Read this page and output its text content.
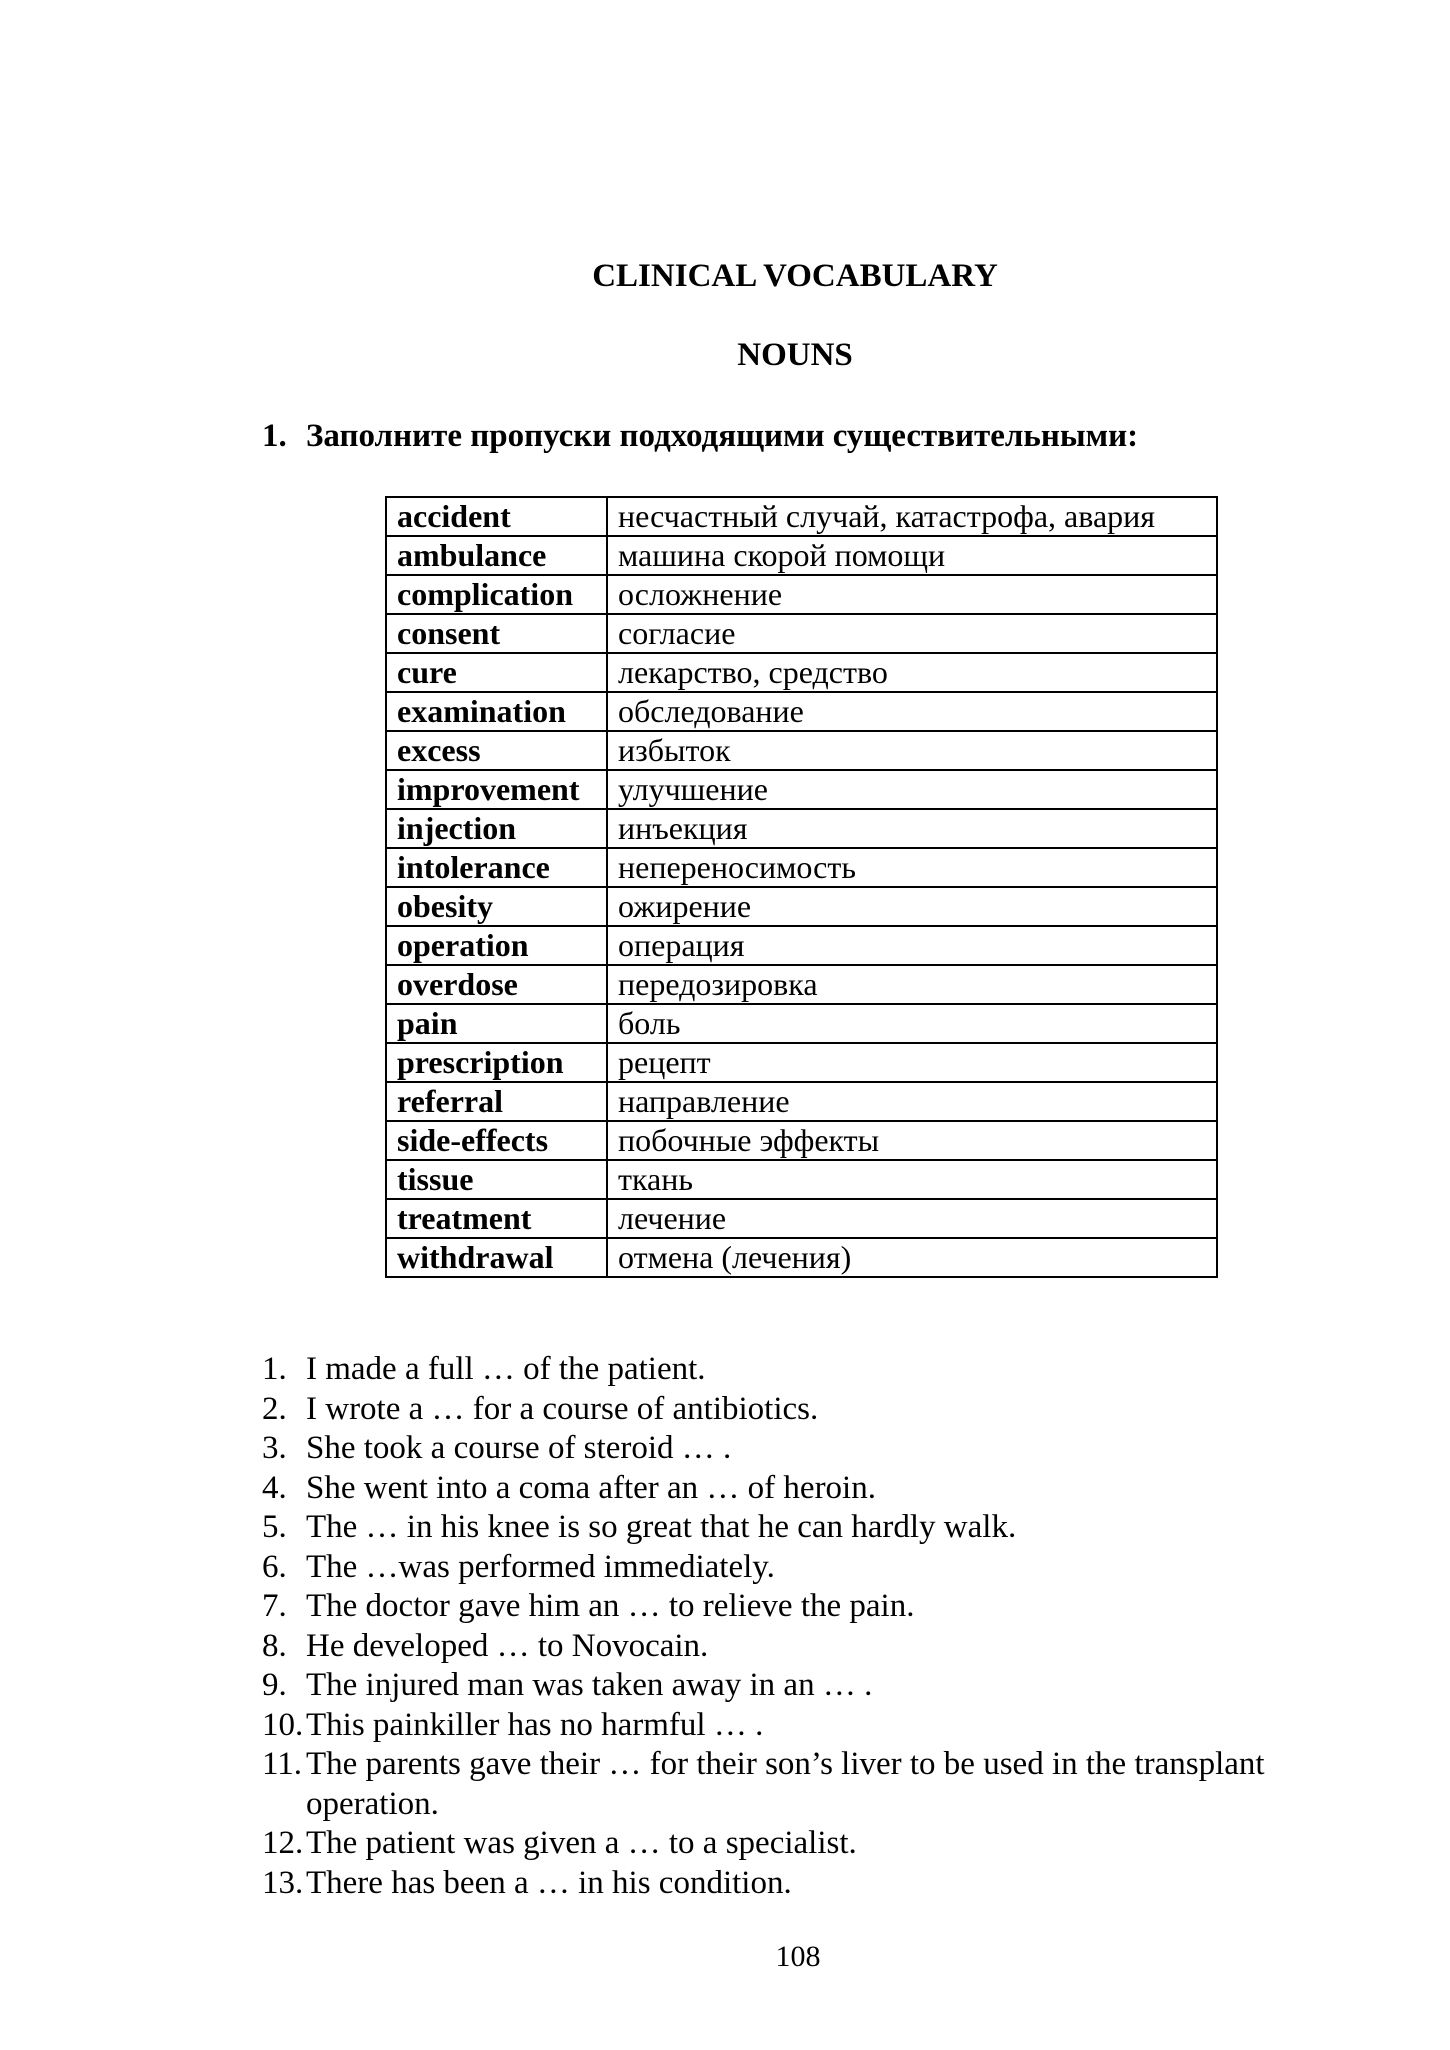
CLINICAL VOCABULARY
NOUNS
1. Заполните пропуски подходящими существительными:
accident	несчастный случай, катастрофа, авария
ambulance	машина скорой помощи
complication	осложнение
consent	согласие
cure	лекарство, средство
examination	обследование
excess	избыток
improvement	улучшение
injection	инъекция
intolerance	непереносимость
obesity	ожирение
operation	операция
overdose	передозировка
pain	боль
prescription	рецепт
referral	направление
side-effects	побочные эффекты
tissue	ткань
treatment	лечение
withdrawal	отмена (лечения)
1. I made a full … of the patient.
2. I wrote a … for a course of antibiotics.
3. She took a course of steroid … .
4. She went into a coma after an … of heroin.
5. The … in his knee is so great that he can hardly walk.
6. The …was performed immediately.
7. The doctor gave him an … to relieve the pain.
8. He developed … to Novocain.
9. The injured man was taken away in an … .
10. This painkiller has no harmful … .
11. The parents gave their … for their son’s liver to be used in the transplant operation.
12. The patient was given a … to a specialist.
13. There has been a … in his condition.
108
